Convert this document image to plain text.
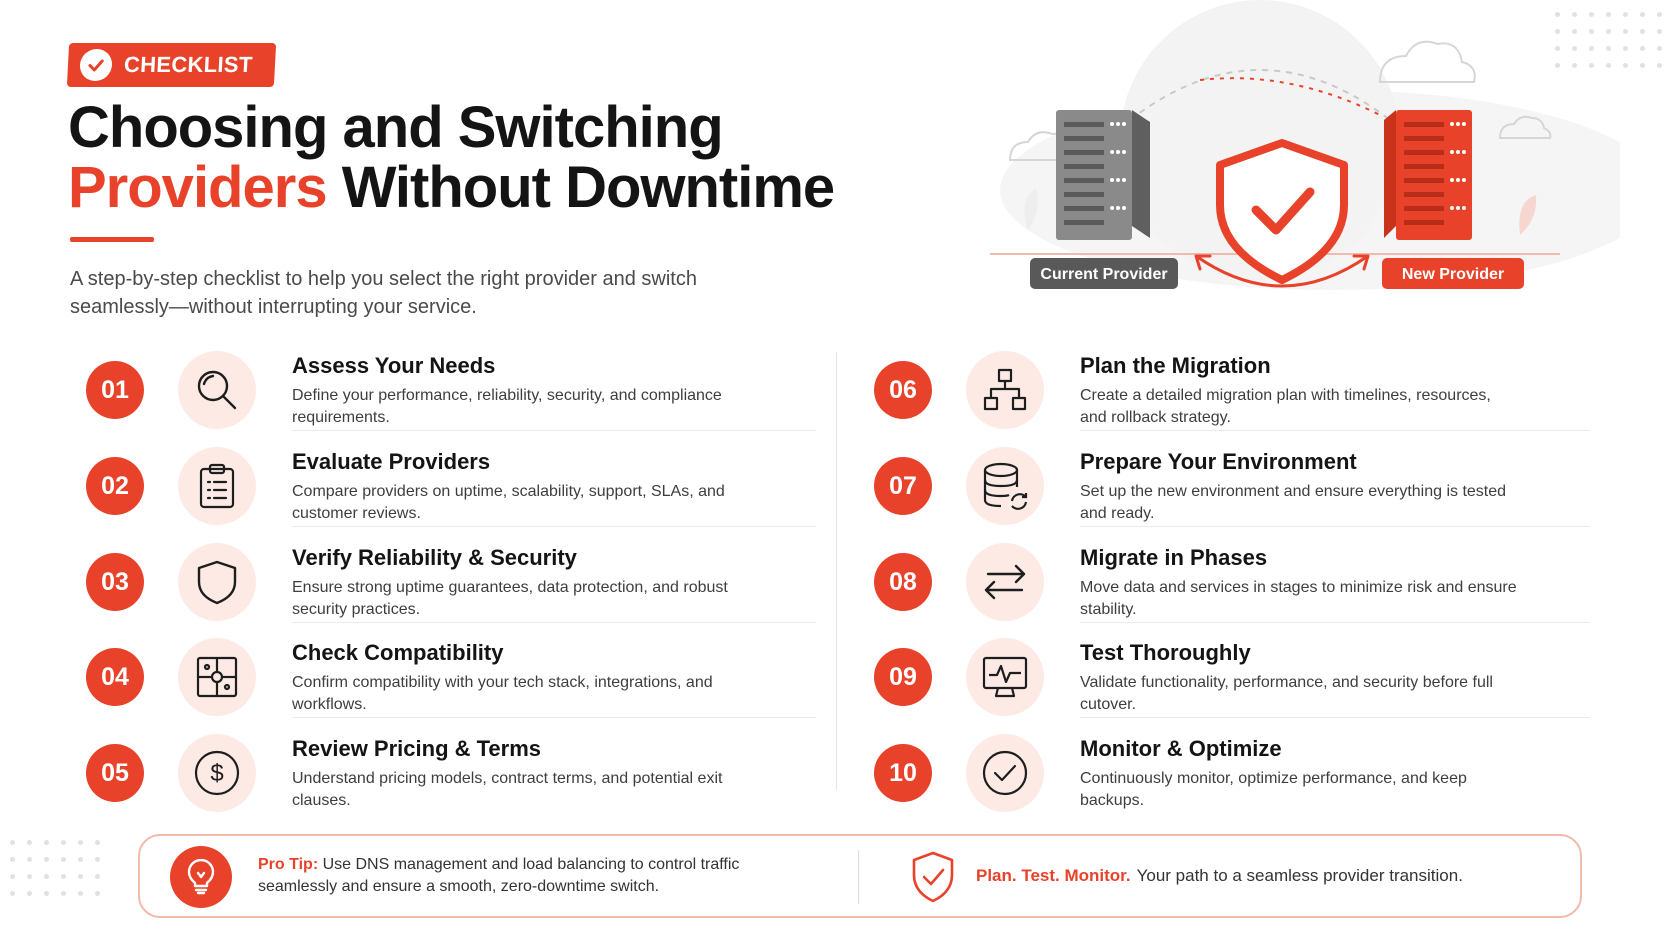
CHECKLIST
Choosing and Switching
Providers Without Downtime

A step-by-step checklist to help you select the right provider and switch seamlessly—without interrupting your service.

Current Provider	New Provider
01
Assess Your Needs
Define your performance, reliability, security, and compliance requirements.
02
Evaluate Providers
Compare providers on uptime, scalability, support, SLAs, and customer reviews.
03
Verify Reliability & Security
Ensure strong uptime guarantees, data protection, and robust security practices.
04
Check Compatibility
Confirm compatibility with your tech stack, integrations, and workflows.
05	$
Review Pricing & Terms
Understand pricing models, contract terms, and potential exit clauses.
06
Plan the Migration
Create a detailed migration plan with timelines, resources, and rollback strategy.
07
Prepare Your Environment
Set up the new environment and ensure everything is tested and ready.
08
Migrate in Phases
Move data and services in stages to minimize risk and ensure stability.
09
Test Thoroughly
Validate functionality, performance, and security before full cutover.
10
Monitor & Optimize
Continuously monitor, optimize performance, and keep backups.

Pro Tip: Use DNS management and load balancing to control traffic seamlessly and ensure a smooth, zero-downtime switch.

Plan. Test. Monitor. Your path to a seamless provider transition.
